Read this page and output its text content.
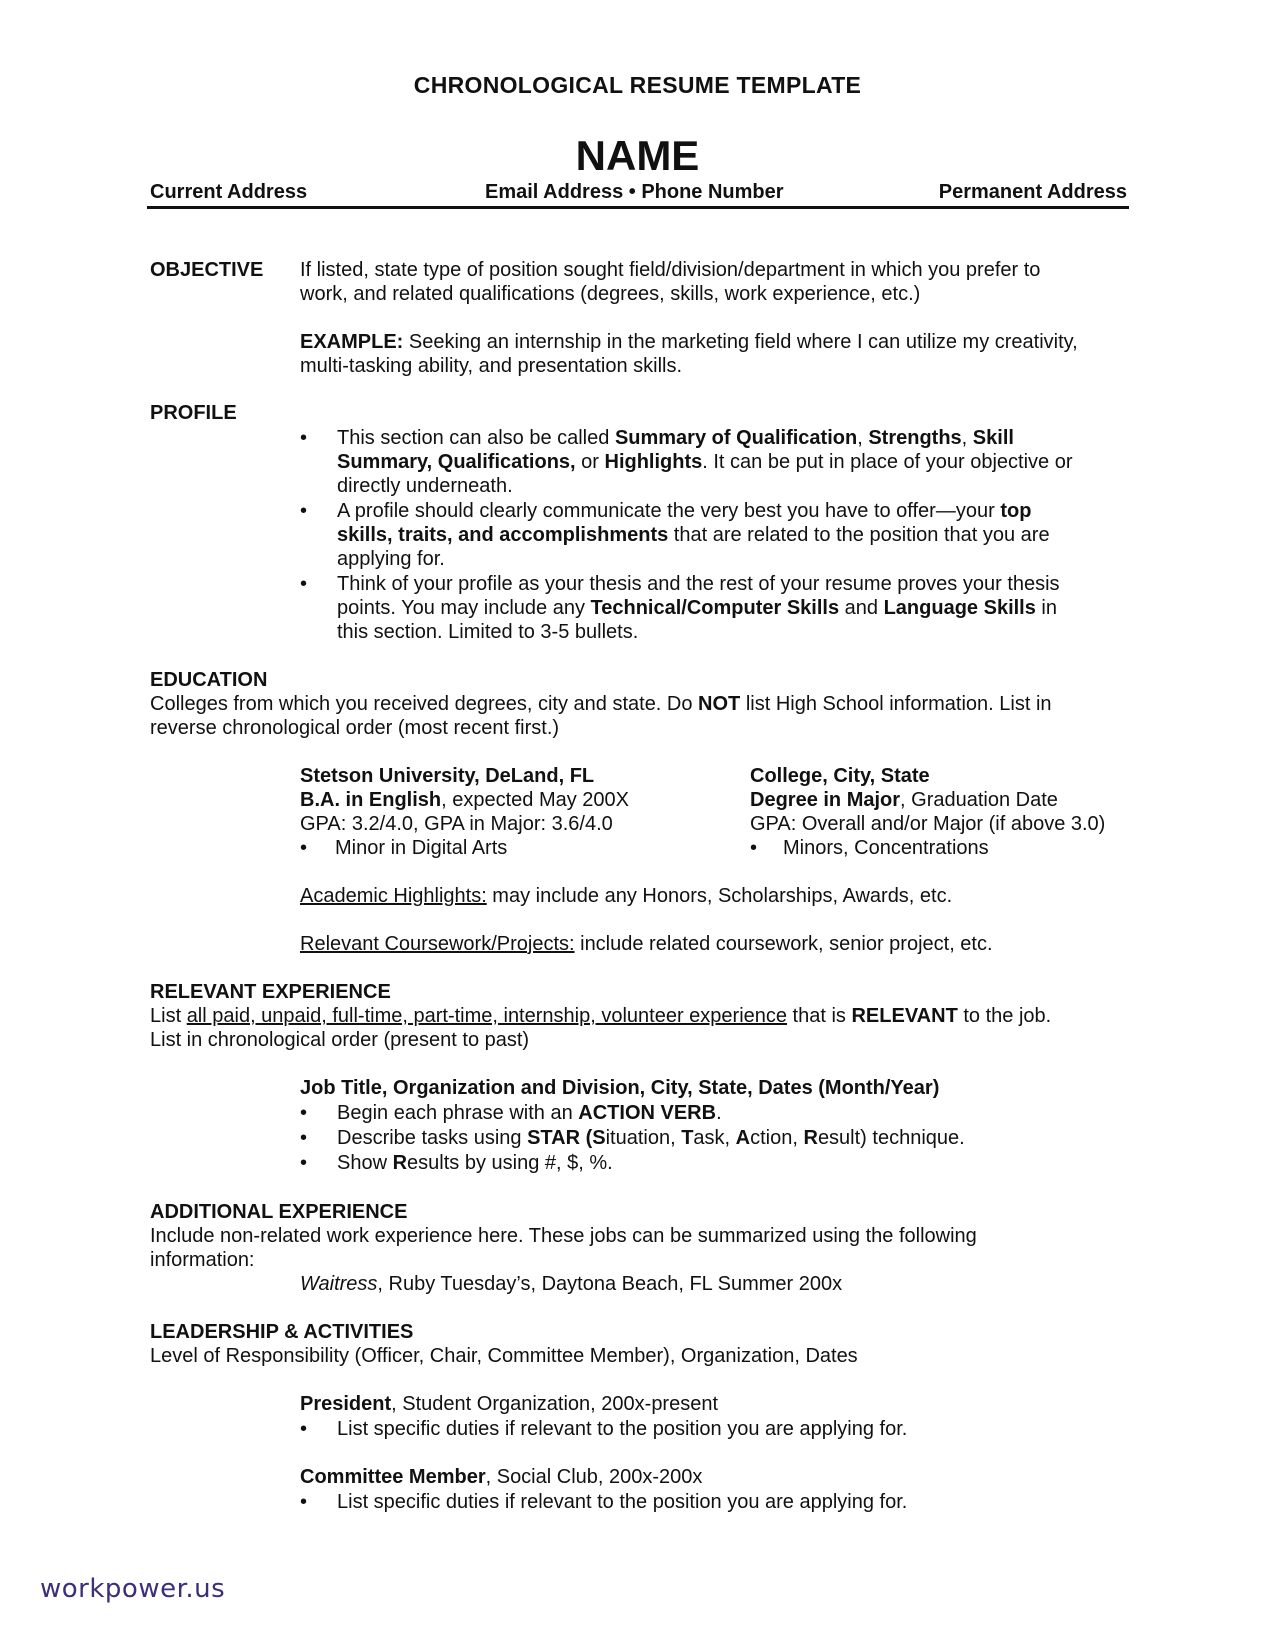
CHRONOLOGICAL RESUME TEMPLATE
NAME
Current Address	Email Address • Phone Number	Permanent Address
OBJECTIVE If listed, state type of position sought field/division/department in which you prefer to
work, and related qualifications (degrees, skills, work experience, etc.)
EXAMPLE: Seeking an internship in the marketing field where I can utilize my creativity,
multi-tasking ability, and presentation skills.
PROFILE
• This section can also be called Summary of Qualification, Strengths, Skill
Summary, Qualifications, or Highlights. It can be put in place of your objective or
directly underneath.
• A profile should clearly communicate the very best you have to offer—your top
skills, traits, and accomplishments that are related to the position that you are
applying for.
• Think of your profile as your thesis and the rest of your resume proves your thesis
points. You may include any Technical/Computer Skills and Language Skills in
this section. Limited to 3-5 bullets.
EDUCATION
Colleges from which you received degrees, city and state. Do NOT list High School information. List in
reverse chronological order (most recent first.)
Stetson University, DeLand, FL
B.A. in English, expected May 200X
GPA: 3.2/4.0, GPA in Major: 3.6/4.0
• Minor in Digital Arts
College, City, State
Degree in Major, Graduation Date
GPA: Overall and/or Major (if above 3.0)
• Minors, Concentrations
Academic Highlights: may include any Honors, Scholarships, Awards, etc.
Relevant Coursework/Projects: include related coursework, senior project, etc.
RELEVANT EXPERIENCE
List all paid, unpaid, full-time, part-time, internship, volunteer experience that is RELEVANT to the job.
List in chronological order (present to past)
Job Title, Organization and Division, City, State, Dates (Month/Year)
• Begin each phrase with an ACTION VERB.
• Describe tasks using STAR (Situation, Task, Action, Result) technique.
• Show Results by using #, $, %.
ADDITIONAL EXPERIENCE
Include non-related work experience here. These jobs can be summarized using the following
information:
Waitress, Ruby Tuesday’s, Daytona Beach, FL Summer 200x
LEADERSHIP & ACTIVITIES
Level of Responsibility (Officer, Chair, Committee Member), Organization, Dates
President, Student Organization, 200x-present
• List specific duties if relevant to the position you are applying for.
Committee Member, Social Club, 200x-200x
• List specific duties if relevant to the position you are applying for.
workpower.us
